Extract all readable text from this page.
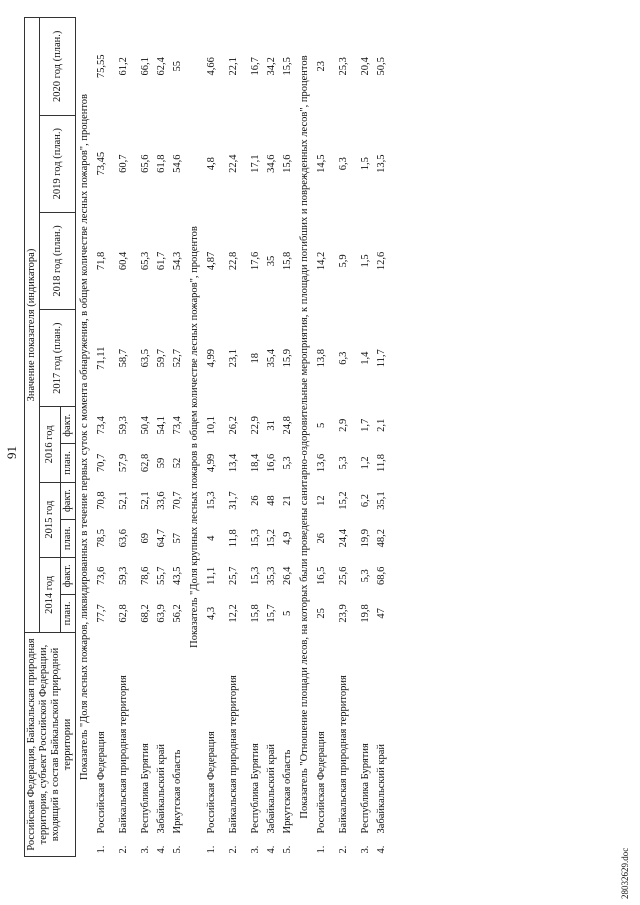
91
Российская Федерация, Байкальская природная территория, субъект Российской Федерации, входящий в состав Байкальской природной территории		Значение показателя (индикатора)									
		2014 год		2015 год		2016 год		2017 год (план.)	2018 год (план.)	2019 год (план.)	2020 год (план.)
		план.	факт.	план.	факт.	план.	факт.				
Показатель "Доля лесных пожаров, ликвидированных в течение первых суток с момента обнаружения, в общем количестве лесных пожаров", процентов											
1.	Российская Федерация	77,7	73,6	78,5	70,8	70,7	73,4	71,11	71,8	73,45	75,55
2.	Байкальская природная территория	62,8	59,3	63,6	52,1	57,9	59,3	58,7	60,4	60,7	61,2
3.	Республика Бурятия	68,2	78,6	69	52,1	62,8	50,4	63,5	65,3	65,6	66,1
4.	Забайкальский край	63,9	55,7	64,7	33,6	59	54,1	59,7	61,7	61,8	62,4
5.	Иркутская область	56,2	43,5	57	70,7	52	73,4	52,7	54,3	54,6	55
Показатель "Доля крупных лесных пожаров в общем количестве лесных пожаров", процентов											
1.	Российская Федерация	4,3	11,1	4	15,3	4,99	10,1	4,99	4,87	4,8	4,66
2.	Байкальская природная территория	12,2	25,7	11,8	31,7	13,4	26,2	23,1	22,8	22,4	22,1
3.	Республика Бурятия	15,8	15,3	15,3	26	18,4	22,9	18	17,6	17,1	16,7
4.	Забайкальский край	15,7	35,3	15,2	48	16,6	31	35,4	35	34,6	34,2
5.	Иркутская область	5	26,4	4,9	21	5,3	24,8	15,9	15,8	15,6	15,5
Показатель "Отношение площади лесов, на которых были проведены санитарно-оздоровительные мероприятия, к площади погибших и поврежденных лесов", процентов											
1.	Российская Федерация	25	16,5	26	12	13,6	5	13,8	14,2	14,5	23
2.	Байкальская природная территория	23,9	25,6	24,4	15,2	5,3	2,9	6,3	5,9	6,3	25,3
3.	Республика Бурятия	19,8	5,3	19,9	6,2	1,2	1,7	1,4	1,5	1,5	20,4
4.	Забайкальский край	47	68,6	48,2	35,1	11,8	2,1	11,7	12,6	13,5	50,5
28032629.doc
